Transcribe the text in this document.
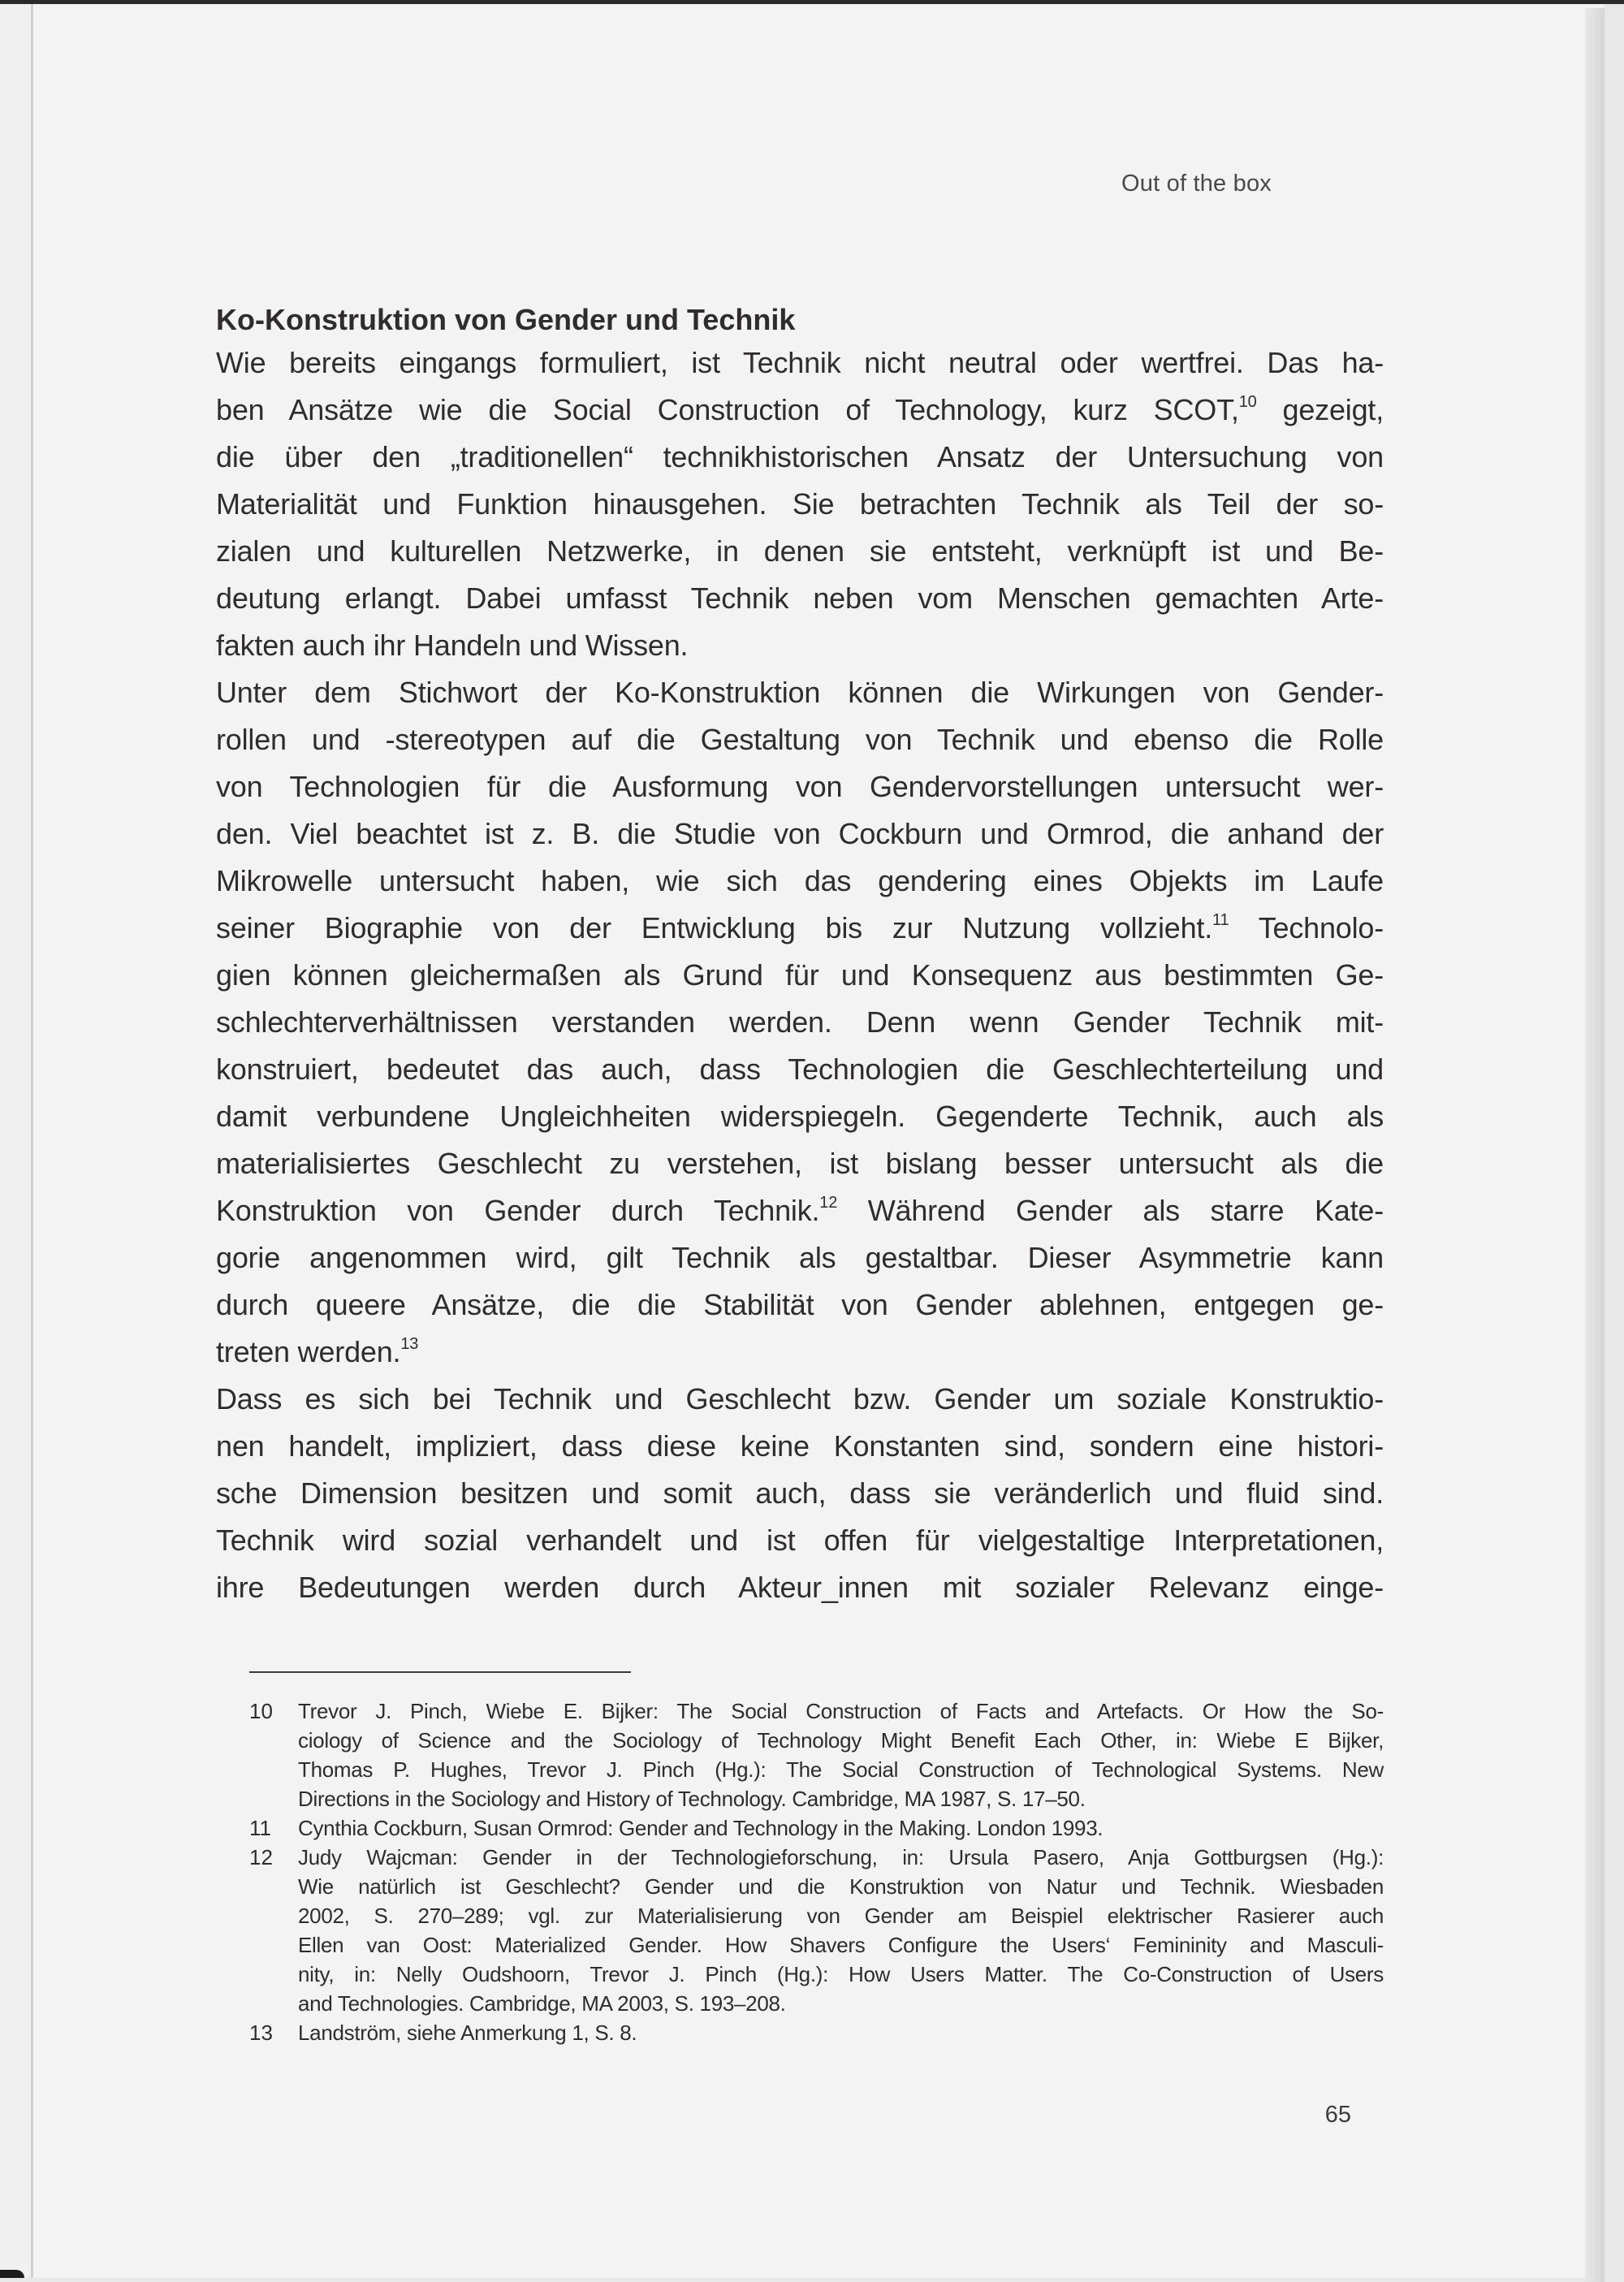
Out of the box
Ko-Konstruktion von Gender und Technik
Wie bereits eingangs formuliert, ist Technik nicht neutral oder wertfrei. Das ha-
ben Ansätze wie die Social Construction of Technology, kurz SCOT,$^{10}$ gezeigt,
die über den „traditionellen“ technikhistorischen Ansatz der Untersuchung von
Materialität und Funktion hinausgehen. Sie betrachten Technik als Teil der so-
zialen und kulturellen Netzwerke, in denen sie entsteht, verknüpft ist und Be-
deutung erlangt. Dabei umfasst Technik neben vom Menschen gemachten Arte-
fakten auch ihr Handeln und Wissen.
Unter dem Stichwort der Ko-Konstruktion können die Wirkungen von Gender-
rollen und -stereotypen auf die Gestaltung von Technik und ebenso die Rolle
von Technologien für die Ausformung von Gendervorstellungen untersucht wer-
den. Viel beachtet ist z. B. die Studie von Cockburn und Ormrod, die anhand der
Mikrowelle untersucht haben, wie sich das gendering eines Objekts im Laufe
seiner Biographie von der Entwicklung bis zur Nutzung vollzieht.$^{11}$ Technolo-
gien können gleichermaßen als Grund für und Konsequenz aus bestimmten Ge-
schlechterverhältnissen verstanden werden. Denn wenn Gender Technik mit-
konstruiert, bedeutet das auch, dass Technologien die Geschlechterteilung und
damit verbundene Ungleichheiten widerspiegeln. Gegenderte Technik, auch als
materialisiertes Geschlecht zu verstehen, ist bislang besser untersucht als die
Konstruktion von Gender durch Technik.$^{12}$ Während Gender als starre Kate-
gorie angenommen wird, gilt Technik als gestaltbar. Dieser Asymmetrie kann
durch queere Ansätze, die die Stabilität von Gender ablehnen, entgegen ge-
treten werden.$^{13}$
Dass es sich bei Technik und Geschlecht bzw. Gender um soziale Konstruktio-
nen handelt, impliziert, dass diese keine Konstanten sind, sondern eine histori-
sche Dimension besitzen und somit auch, dass sie veränderlich und fluid sind.
Technik wird sozial verhandelt und ist offen für vielgestaltige Interpretationen,
ihre Bedeutungen werden durch Akteur_innen mit sozialer Relevanz einge-
10	Trevor J. Pinch, Wiebe E. Bijker: The Social Construction of Facts and Artefacts. Or How the So-
ciology of Science and the Sociology of Technology Might Benefit Each Other, in: Wiebe E Bijker,
Thomas P. Hughes, Trevor J. Pinch (Hg.): The Social Construction of Technological Systems. New
Directions in the Sociology and History of Technology. Cambridge, MA 1987, S. 17–50.
11	Cynthia Cockburn, Susan Ormrod: Gender and Technology in the Making. London 1993.
12	Judy Wajcman: Gender in der Technologieforschung, in: Ursula Pasero, Anja Gottburgsen (Hg.):
Wie natürlich ist Geschlecht? Gender und die Konstruktion von Natur und Technik. Wiesbaden
2002, S. 270–289; vgl. zur Materialisierung von Gender am Beispiel elektrischer Rasierer auch
Ellen van Oost: Materialized Gender. How Shavers Configure the Users‘ Femininity and Masculi-
nity, in: Nelly Oudshoorn, Trevor J. Pinch (Hg.): How Users Matter. The Co-Construction of Users
and Technologies. Cambridge, MA 2003, S. 193–208.
13	Landström, siehe Anmerkung 1, S. 8.
65
